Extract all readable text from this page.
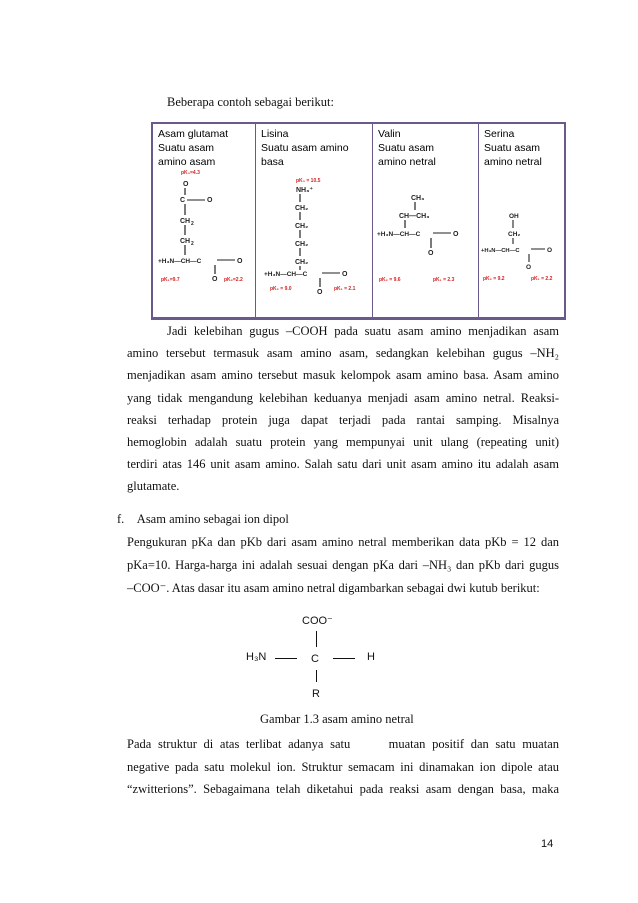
Beberapa contoh sebagai berikut:
Asam glutamat
Suatu asam
amino asam
pK₃=4.3
O
C	O
CH 2
CH 2
+H₃N—CH—C	O
O
pK₁=9.7	pK₂=2.2
Lisina
Suatu asam amino
basa
pK₃ = 10.5
NH₃⁺
CH₂
CH₂
CH₂
CH₂
+H₃N—CH—C	O
O
pK₂ = 9.0	pK₁ = 2.1
Valin
Suatu asam
amino netral
CH₃
CH—CH₃
+H₃N—CH—C	O
O
pK₂ = 9.6	pK₁ = 2.3
Serina
Suatu asam
amino netral
OH
CH₂
+H₃N—CH—C	O
O
pK₂ = 9.2	pK₁ = 2.2
Jadi kelebihan gugus –COOH pada suatu asam amino menjadikan asam
amino tersebut termasuk asam amino asam, sedangkan kelebihan gugus –NH₂
menjadikan asam amino tersebut masuk kelompok asam amino basa. Asam amino
yang tidak mengandung kelebihan keduanya menjadi asam amino netral. Reaksi-
reaksi terhadap protein juga dapat terjadi pada rantai samping. Misalnya
hemoglobin adalah suatu protein yang mempunyai unit ulang (repeating unit)
terdiri atas 146 unit asam amino. Salah satu dari unit asam amino itu adalah asam
glutamate.
f. Asam amino sebagai ion dipol
Pengukuran pKa dan pKb dari asam amino netral memberikan data pKb = 12 dan
pKa=10. Harga-harga ini adalah sesuai dengan pKa dari –NH₃ dan pKb dari gugus
–COO⁻. Atas dasar itu asam amino netral digambarkan sebagai dwi kutub berikut:
COO⁻
H₃N	C	H
R
Gambar 1.3 asam amino netral
Pada struktur di atas terlibat adanya satu    muatan positif dan satu muatan
negative pada satu molekul ion. Struktur semacam ini dinamakan ion dipole atau
“zwitterions”. Sebagaimana telah diketahui pada reaksi asam dengan basa, maka
14
